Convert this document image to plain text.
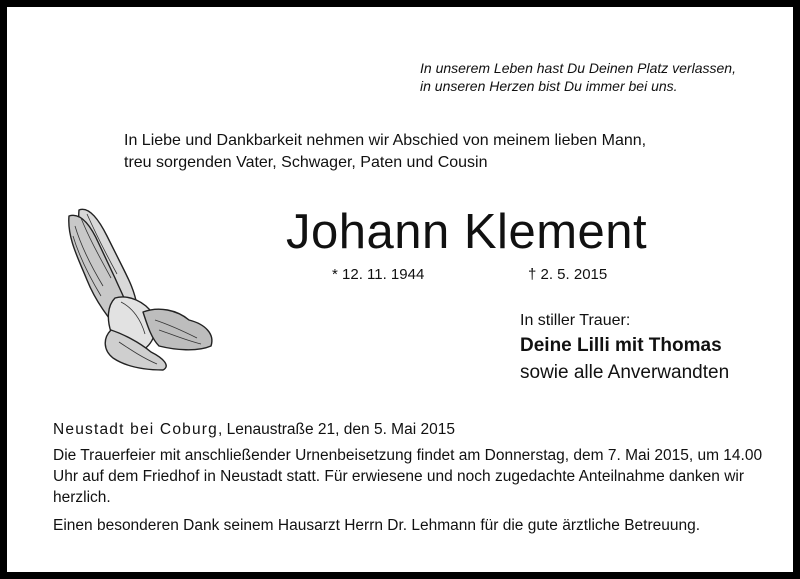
In unserem Leben hast Du Deinen Platz verlassen,
in unseren Herzen bist Du immer bei uns.
In Liebe und Dankbarkeit nehmen wir Abschied von meinem lieben Mann,
treu sorgenden Vater, Schwager, Paten und Cousin
Johann Klement
* 12. 11. 1944	† 2. 5. 2015
In stiller Trauer:
Deine Lilli mit Thomas
sowie alle Anverwandten
Neustadt bei Coburg, Lenaustraße 21, den 5. Mai 2015

Die Trauerfeier mit anschließender Urnenbeisetzung findet am Donnerstag, dem 7. Mai 2015, um 14.00 Uhr auf dem Friedhof in Neustadt statt. Für erwiesene und noch zugedachte Anteilnahme danken wir herzlich.

Einen besonderen Dank seinem Hausarzt Herrn Dr. Lehmann für die gute ärztliche Betreuung.
